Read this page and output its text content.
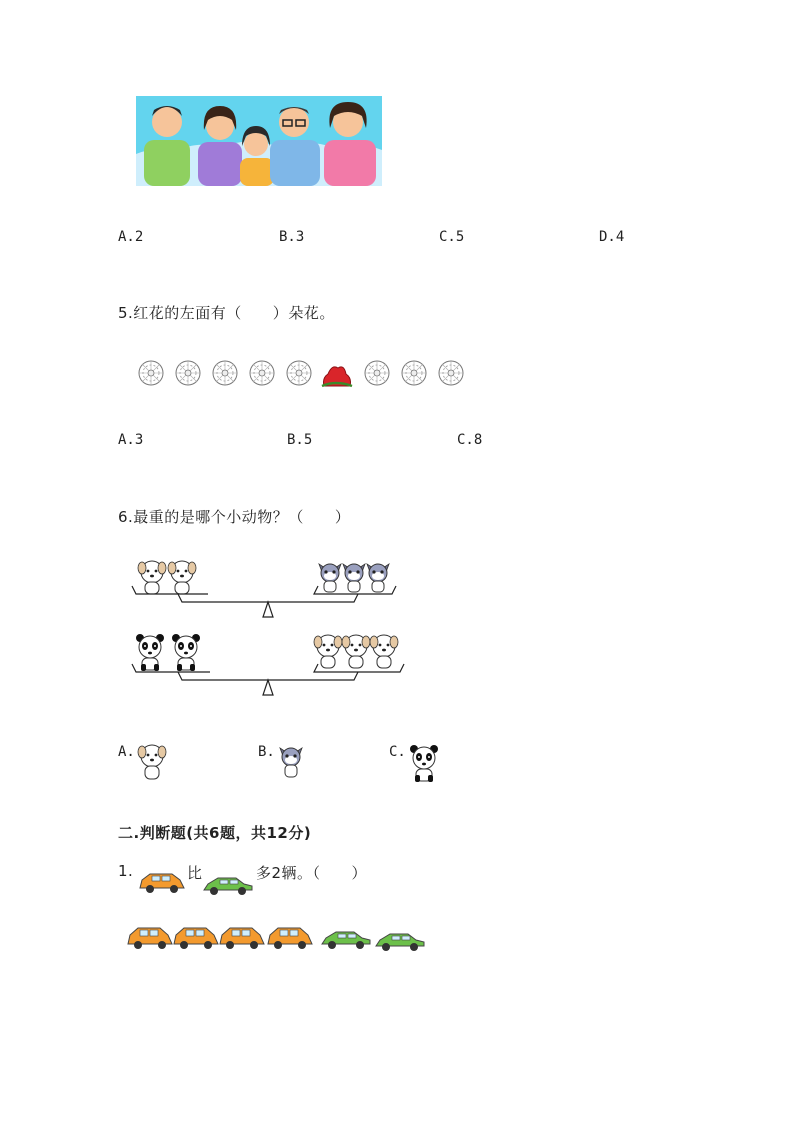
A.2	B.3	C.5	D.4
5.红花的左面有（　　）朵花。
A.3	B.5	C.8
6.最重的是哪个小动物？（　　）
A.	B.	C.
二.判断题(共6题，共12分)
1.	比	多2辆。（　　）
